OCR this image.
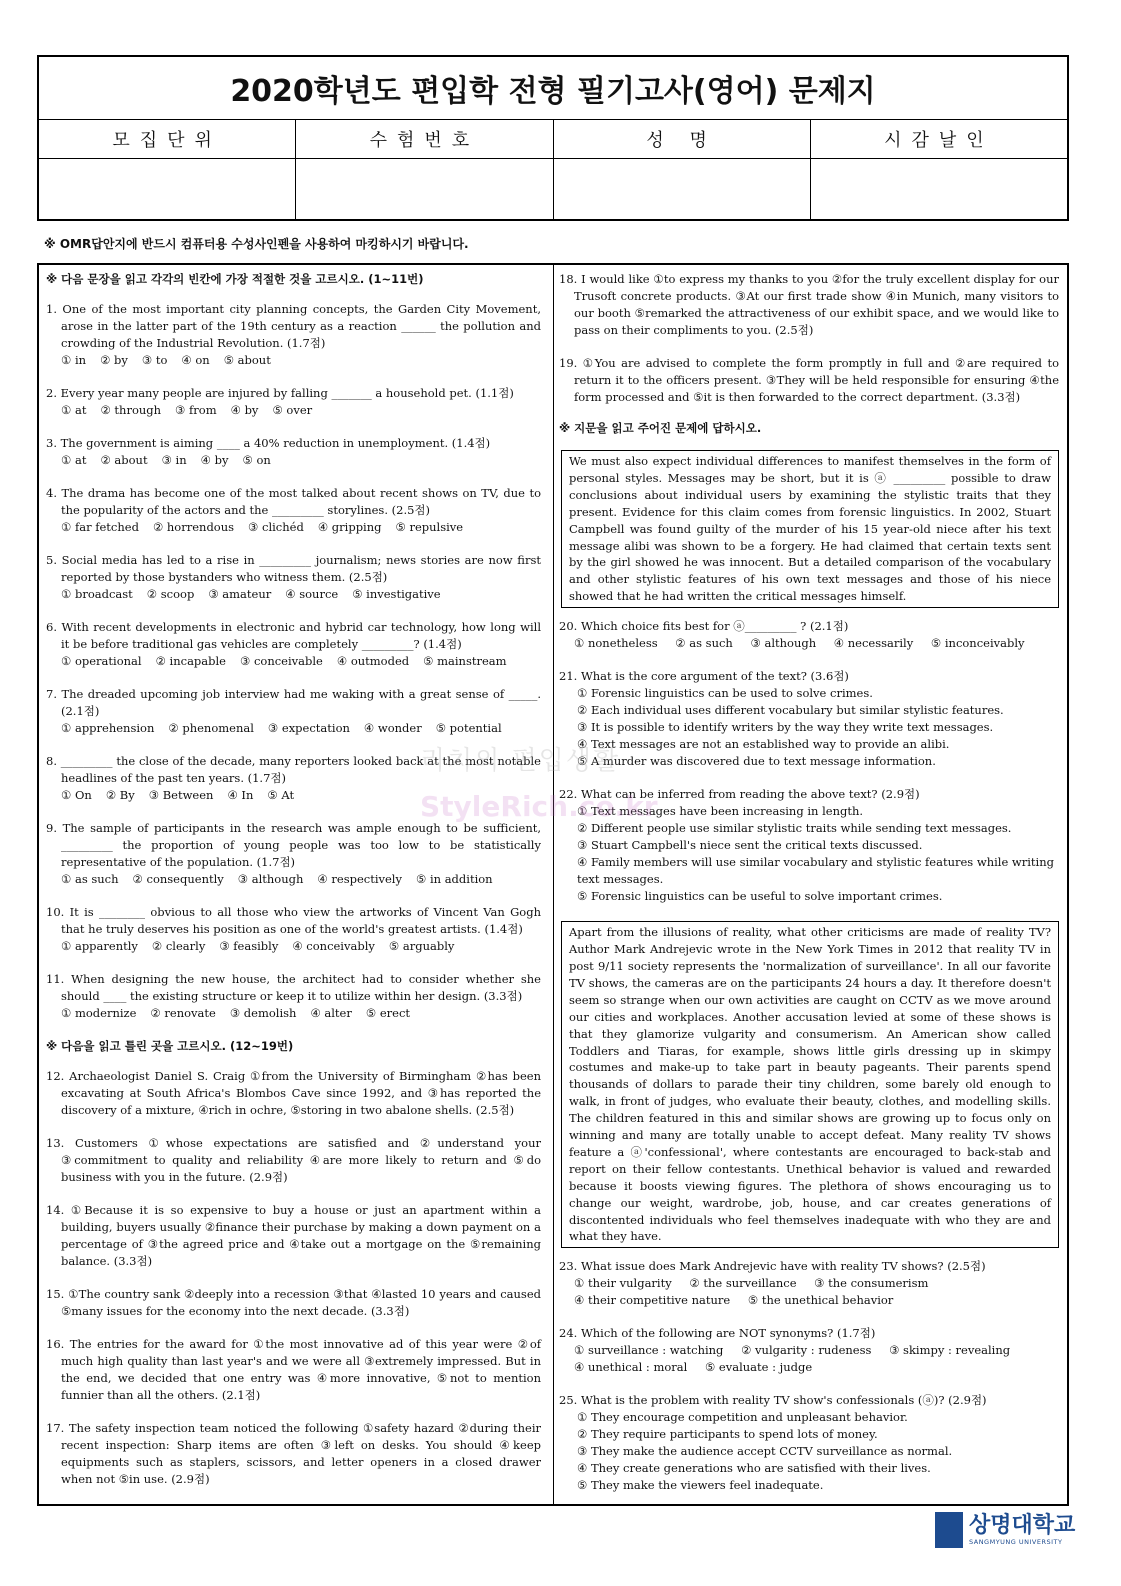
2020학년도 편입학 전형 필기고사(영어) 문제지
모집단위	수험번호	성 명	시감날인
※ OMR답안지에 반드시 컴퓨터용 수성사인펜을 사용하여 마킹하시기 바랍니다.
※ 다음 문장을 읽고 각각의 빈칸에 가장 적절한 것을 고르시오. (1~11번)
1. One of the most important city planning concepts, the Garden City Movement, arose in the latter part of the 19th century as a reaction ______ the pollution and crowding of the Industrial Revolution. (1.7점)
① in ② by ③ to ④ on ⑤ about
2. Every year many people are injured by falling _______ a household pet. (1.1점)
① at ② through ③ from ④ by ⑤ over
3. The government is aiming ____ a 40% reduction in unemployment. (1.4점)
① at ② about ③ in ④ by ⑤ on
4. The drama has become one of the most talked about recent shows on TV, due to the popularity of the actors and the _________ storylines. (2.5점)
① far fetched ② horrendous ③ clichéd ④ gripping ⑤ repulsive
5. Social media has led to a rise in _________ journalism; news stories are now first reported by those bystanders who witness them. (2.5점)
① broadcast ② scoop ③ amateur ④ source ⑤ investigative
6. With recent developments in electronic and hybrid car technology, how long will it be before traditional gas vehicles are completely _________? (1.4점)
① operational ② incapable ③ conceivable ④ outmoded ⑤ mainstream
7. The dreaded upcoming job interview had me waking with a great sense of _____. (2.1점)
① apprehension ② phenomenal ③ expectation ④ wonder ⑤ potential
8. _________ the close of the decade, many reporters looked back at the most notable headlines of the past ten years. (1.7점)
① On ② By ③ Between ④ In ⑤ At
9. The sample of participants in the research was ample enough to be sufficient, _________ the proportion of young people was too low to be statistically representative of the population. (1.7점)
① as such ② consequently ③ although ④ respectively ⑤ in addition
10. It is ________ obvious to all those who view the artworks of Vincent Van Gogh that he truly deserves his position as one of the world's greatest artists. (1.4점)
① apparently ② clearly ③ feasibly ④ conceivably ⑤ arguably
11. When designing the new house, the architect had to consider whether she should ____ the existing structure or keep it to utilize within her design. (3.3점)
① modernize ② renovate ③ demolish ④ alter ⑤ erect
※ 다음을 읽고 틀린 곳을 고르시오. (12~19번)
12. Archaeologist Daniel S. Craig ①from the University of Birmingham ②has been excavating at South Africa's Blombos Cave since 1992, and ③has reported the discovery of a mixture, ④rich in ochre, ⑤storing in two abalone shells. (2.5점)
13. Customers ①whose expectations are satisfied and ②understand your ③commitment to quality and reliability ④are more likely to return and ⑤do business with you in the future. (2.9점)
14. ①Because it is so expensive to buy a house or just an apartment within a building, buyers usually ②finance their purchase by making a down payment on a percentage of ③the agreed price and ④take out a mortgage on the ⑤remaining balance. (3.3점)
15. ①The country sank ②deeply into a recession ③that ④lasted 10 years and caused ⑤many issues for the economy into the next decade. (3.3점)
16. The entries for the award for ①the most innovative ad of this year were ②of much high quality than last year's and we were all ③extremely impressed. But in the end, we decided that one entry was ④more innovative, ⑤not to mention funnier than all the others. (2.1점)
17. The safety inspection team noticed the following ①safety hazard ②during their recent inspection: Sharp items are often ③left on desks. You should ④keep equipments such as staplers, scissors, and letter openers in a closed drawer when not ⑤in use. (2.9점)
18. I would like ①to express my thanks to you ②for the truly excellent display for our Trusoft concrete products. ③At our first trade show ④in Munich, many visitors to our booth ⑤remarked the attractiveness of our exhibit space, and we would like to pass on their compliments to you. (2.5점)
19. ①You are advised to complete the form promptly in full and ②are required to return it to the officers present. ③They will be held responsible for ensuring ④the form processed and ⑤it is then forwarded to the correct department. (3.3점)
※ 지문을 읽고 주어진 문제에 답하시오.
We must also expect individual differences to manifest themselves in the form of personal styles. Messages may be short, but it is ⓐ _________ possible to draw conclusions about individual users by examining the stylistic traits that they present. Evidence for this claim comes from forensic linguistics. In 2002, Stuart Campbell was found guilty of the murder of his 15 year-old niece after his text message alibi was shown to be a forgery. He had claimed that certain texts sent by the girl showed he was innocent. But a detailed comparison of the vocabulary and other stylistic features of his own text messages and those of his niece showed that he had written the critical messages himself.
20. Which choice fits best for ⓐ_________ ? (2.1점)
① nonetheless ② as such ③ although ④ necessarily ⑤ inconceivably
21. What is the core argument of the text? (3.6점)
① Forensic linguistics can be used to solve crimes.
② Each individual uses different vocabulary but similar stylistic features.
③ It is possible to identify writers by the way they write text messages.
④ Text messages are not an established way to provide an alibi.
⑤ A murder was discovered due to text message information.
22. What can be inferred from reading the above text? (2.9점)
① Text messages have been increasing in length.
② Different people use similar stylistic traits while sending text messages.
③ Stuart Campbell's niece sent the critical texts discussed.
④ Family members will use similar vocabulary and stylistic features while writing text messages.
⑤ Forensic linguistics can be useful to solve important crimes.
Apart from the illusions of reality, what other criticisms are made of reality TV? Author Mark Andrejevic wrote in the New York Times in 2012 that reality TV in post 9/11 society represents the 'normalization of surveillance'. In all our favorite TV shows, the cameras are on the participants 24 hours a day. It therefore doesn't seem so strange when our own activities are caught on CCTV as we move around our cities and workplaces. Another accusation levied at some of these shows is that they glamorize vulgarity and consumerism. An American show called Toddlers and Tiaras, for example, shows little girls dressing up in skimpy costumes and make-up to take part in beauty pageants. Their parents spend thousands of dollars to parade their tiny children, some barely old enough to walk, in front of judges, who evaluate their beauty, clothes, and modelling skills. The children featured in this and similar shows are growing up to focus only on winning and many are totally unable to accept defeat. Many reality TV shows feature a ⓐ'confessional', where contestants are encouraged to back-stab and report on their fellow contestants. Unethical behavior is valued and rewarded because it boosts viewing figures. The plethora of shows encouraging us to change our weight, wardrobe, job, house, and car creates generations of discontented individuals who feel themselves inadequate with who they are and what they have.
23. What issue does Mark Andrejevic have with reality TV shows? (2.5점)
① their vulgarity ② the surveillance ③ the consumerism
④ their competitive nature ⑤ the unethical behavior
24. Which of the following are NOT synonyms? (1.7점)
① surveillance : watching ② vulgarity : rudeness ③ skimpy : revealing
④ unethical : moral ⑤ evaluate : judge
25. What is the problem with reality TV show's confessionals (ⓐ)? (2.9점)
① They encourage competition and unpleasant behavior.
② They require participants to spend lots of money.
③ They make the audience accept CCTV surveillance as normal.
④ They create generations who are satisfied with their lives.
⑤ They make the viewers feel inadequate.
리치의 편입생활
StyleRich.co.kr
상명대학교
SANGMYUNG UNIVERSITY
